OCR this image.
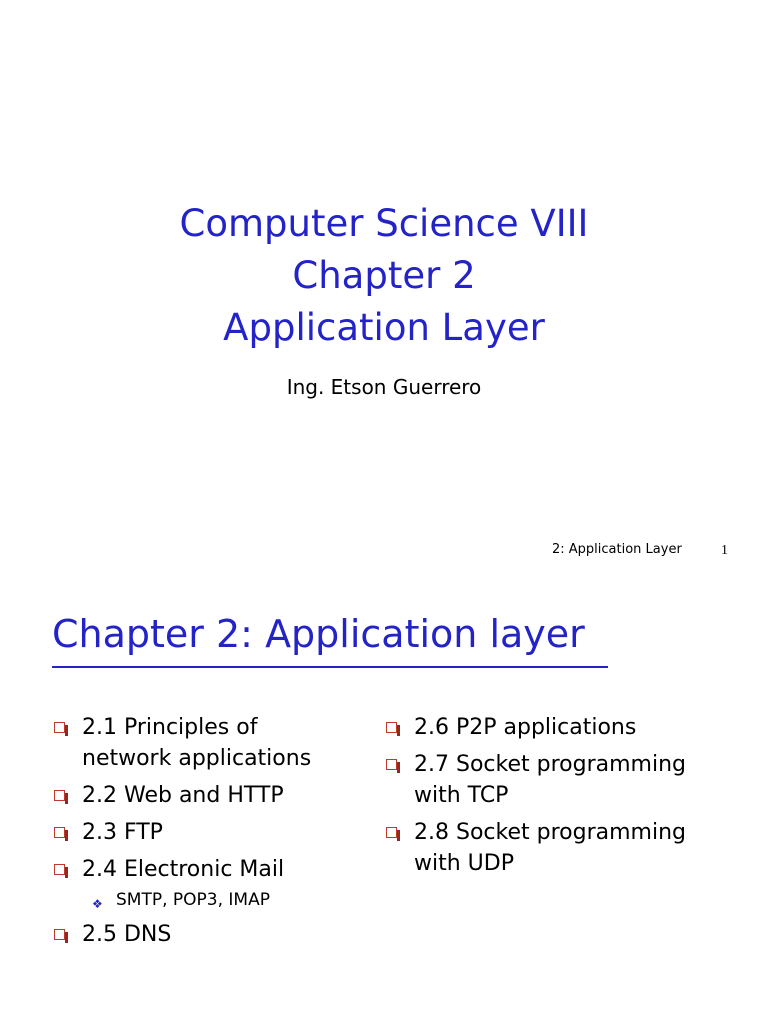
Computer Science VIII
Chapter 2
Application Layer
Ing. Etson Guerrero
2: Application Layer	1
Chapter 2: Application layer
2.1 Principles of network applications
2.2 Web and HTTP
2.3 FTP
2.4 Electronic Mail
❖ SMTP, POP3, IMAP
2.5 DNS
2.6 P2P applications
2.7 Socket programming with TCP
2.8 Socket programming with UDP
